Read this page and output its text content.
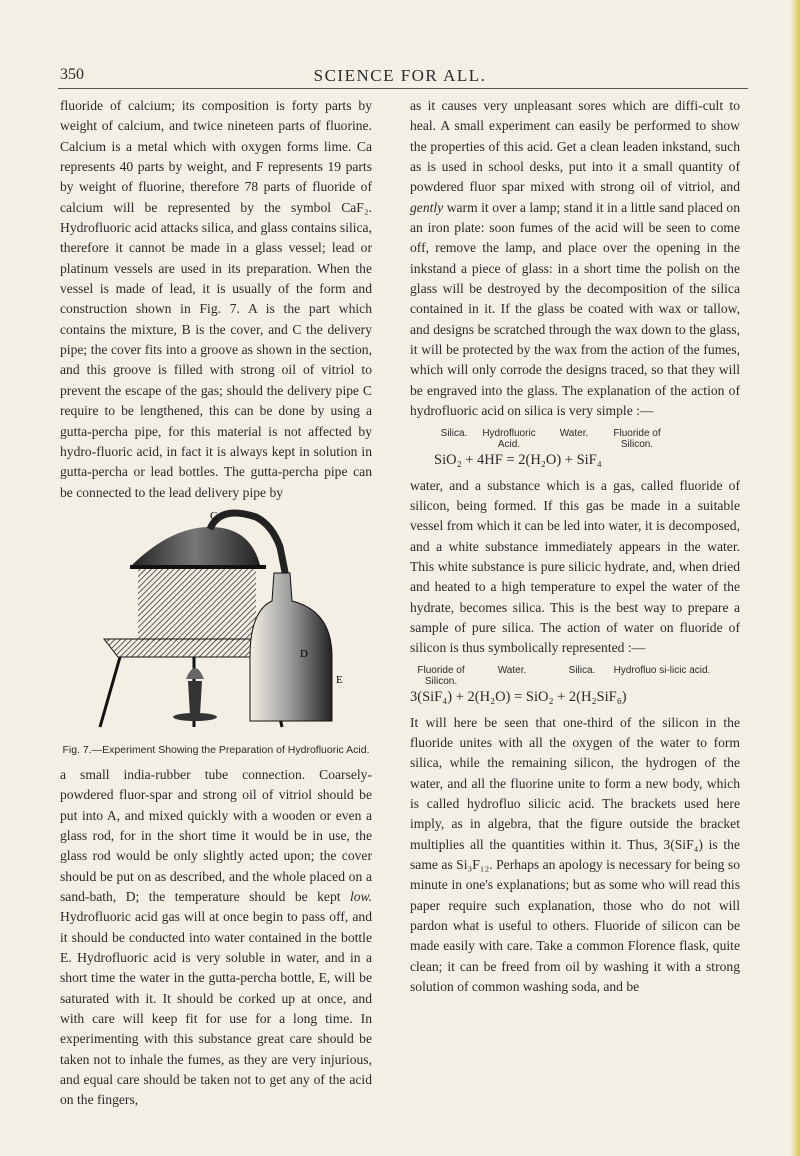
350	SCIENCE FOR ALL.

fluoride of calcium; its composition is forty parts by weight of calcium, and twice nineteen parts of fluorine. Calcium is a metal which with oxygen forms lime. Ca represents 40 parts by weight, and F represents 19 parts by weight of fluorine, therefore 78 parts of fluoride of calcium will be represented by the symbol CaF₂. Hydrofluoric acid attacks silica, and glass contains silica, therefore it cannot be made in a glass vessel; lead or platinum vessels are used in its preparation. When the vessel is made of lead, it is usually of the form and construction shown in Fig. 7. A is the part which contains the mixture, B is the cover, and C the delivery pipe; the cover fits into a groove as shown in the section, and this groove is filled with strong oil of vitriol to prevent the escape of the gas; should the delivery pipe C require to be lengthened, this can be done by using a gutta-percha pipe, for this material is not affected by hydro-fluoric acid, in fact it is always kept in solution in gutta-percha or lead bottles. The gutta-percha pipe can be connected to the lead delivery pipe by

C
D
E
Fig. 7.—Experiment Showing the Preparation of Hydrofluoric Acid.

a small india-rubber tube connection. Coarsely-powdered fluor-spar and strong oil of vitriol should be put into A, and mixed quickly with a wooden or even a glass rod, for in the short time it would be in use, the glass rod would be only slightly acted upon; the cover should be put on as described, and the whole placed on a sand-bath, D; the temperature should be kept low. Hydrofluoric acid gas will at once begin to pass off, and it should be conducted into water contained in the bottle E. Hydrofluoric acid is very soluble in water, and in a short time the water in the gutta-percha bottle, E, will be saturated with it. It should be corked up at once, and with care will keep fit for use for a long time. In experimenting with this substance great care should be taken not to inhale the fumes, as they are very injurious, and equal care should be taken not to get any of the acid on the fingers,

as it causes very unpleasant sores which are diffi-cult to heal. A small experiment can easily be performed to show the properties of this acid. Get a clean leaden inkstand, such as is used in school desks, put into it a small quantity of powdered fluor spar mixed with strong oil of vitriol, and gently warm it over a lamp; stand it in a little sand placed on an iron plate: soon fumes of the acid will be seen to come off, remove the lamp, and place over the opening in the inkstand a piece of glass: in a short time the polish on the glass will be destroyed by the decomposition of the silica contained in it. If the glass be coated with wax or tallow, and designs be scratched through the wax down to the glass, it will be protected by the wax from the action of the fumes, which will only corrode the designs traced, so that they will be engraved into the glass. The explanation of the action of hydrofluoric acid on silica is very simple :—

Silica.	Hydrofluoric Acid.
Water.	Fluoride of Silicon.
SiO₂ + 4HF = 2(H₂O) + SiF₄

water, and a substance which is a gas, called fluoride of silicon, being formed. If this gas be made in a suitable vessel from which it can be led into water, it is decomposed, and a white substance immediately appears in the water. This white substance is pure silicic hydrate, and, when dried and heated to a high temperature to expel the water of the hydrate, becomes silica. This is the best way to prepare a sample of pure silica. The action of water on fluoride of silicon is thus symbolically represented :—

Fluoride of Silicon.
Water.	Silica.	Hydrofluo si-licic acid.
3(SiF₄) + 2(H₂O) = SiO₂ + 2(H₂SiF₆)

It will here be seen that one-third of the silicon in the fluoride unites with all the oxygen of the water to form silica, while the remaining silicon, the hydrogen of the water, and all the fluorine unite to form a new body, which is called hydrofluo silicic acid. The brackets used here imply, as in algebra, that the figure outside the bracket multiplies all the quantities within it. Thus, 3(SiF₄) is the same as Si₃F₁₂. Perhaps an apology is necessary for being so minute in one's explanations; but as some who will read this paper require such explanation, those who do not will pardon what is useful to others. Fluoride of silicon can be made easily with care. Take a common Florence flask, quite clean; it can be freed from oil by washing it with a strong solution of common washing soda, and be
